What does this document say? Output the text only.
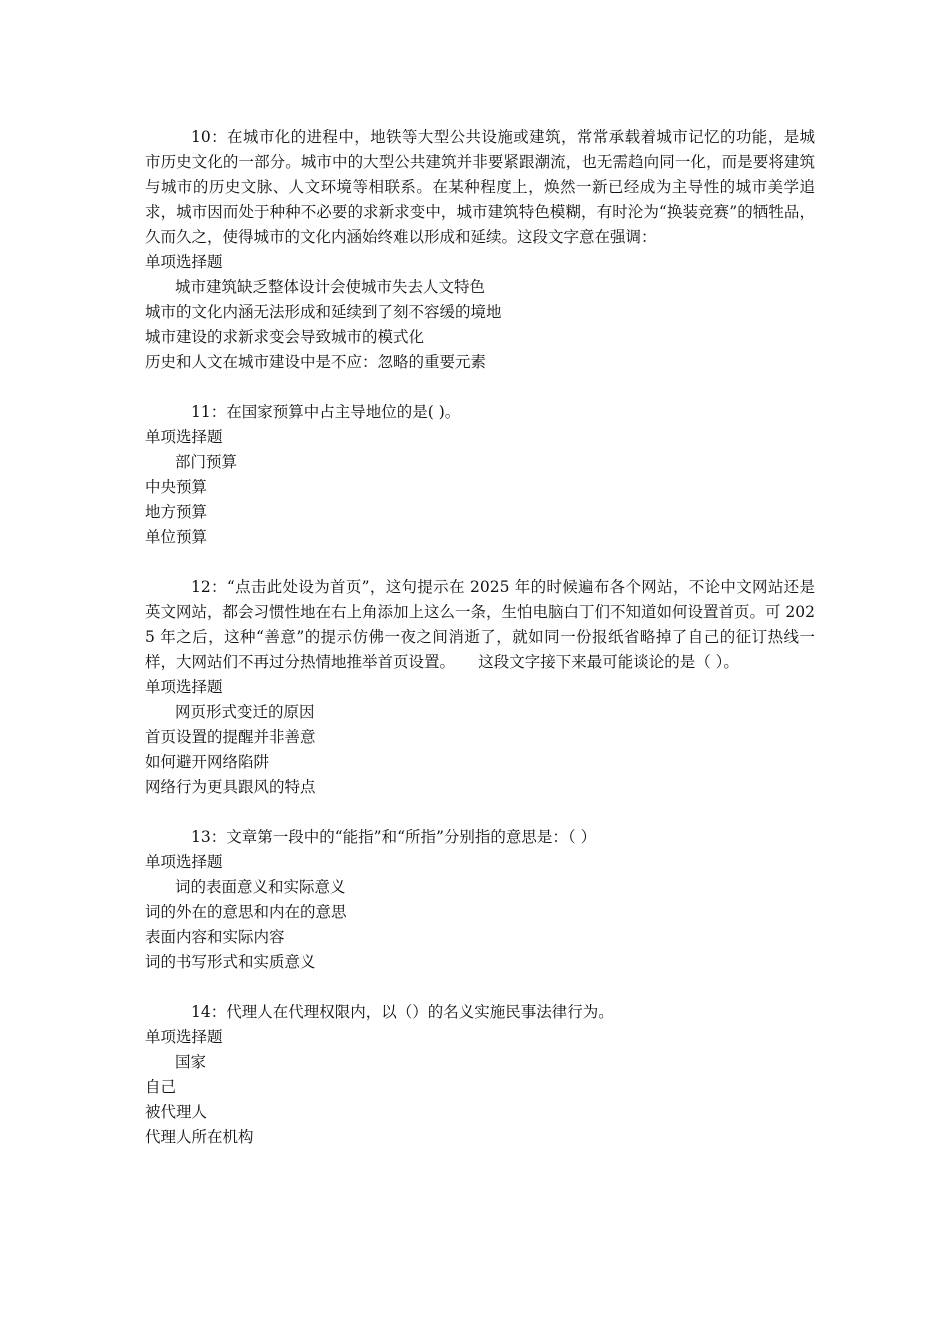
10：在城市化的进程中，地铁等大型公共设施或建筑，常常承载着城市记忆的功能，是城市历史文化的一部分。城市中的大型公共建筑并非要紧跟潮流，也无需趋向同一化，而是要将建筑与城市的历史文脉、人文环境等相联系。在某种程度上，焕然一新已经成为主导性的城市美学追求，城市因而处于种种不必要的求新求变中，城市建筑特色模糊，有时沦为“换装竞赛”的牺牲品，久而久之，使得城市的文化内涵始终难以形成和延续。这段文字意在强调：

单项选择题

城市建筑缺乏整体设计会使城市失去人文特色

城市的文化内涵无法形成和延续到了刻不容缓的境地

城市建设的求新求变会导致城市的模式化

历史和人文在城市建设中是不应：忽略的重要元素

11：在国家预算中占主导地位的是( )。

单项选择题

部门预算

中央预算

地方预算

单位预算

12：“点击此处设为首页”，这句提示在 2025 年的时候遍布各个网站，不论中文网站还是英文网站，都会习惯性地在右上角添加上这么一条，生怕电脑白丁们不知道如何设置首页。可 2025 年之后，这种“善意”的提示仿佛一夜之间消逝了，就如同一份报纸省略掉了自己的征订热线一样，大网站们不再过分热情地推举首页设置。　　这段文字接下来最可能谈论的是（ ）。

单项选择题

网页形式变迁的原因

首页设置的提醒并非善意

如何避开网络陷阱

网络行为更具跟风的特点

13：文章第一段中的“能指”和“所指”分别指的意思是：（ ）

单项选择题

词的表面意义和实际意义

词的外在的意思和内在的意思

表面内容和实际内容

词的书写形式和实质意义

14：代理人在代理权限内，以（）的名义实施民事法律行为。

单项选择题

国家

自己

被代理人

代理人所在机构
